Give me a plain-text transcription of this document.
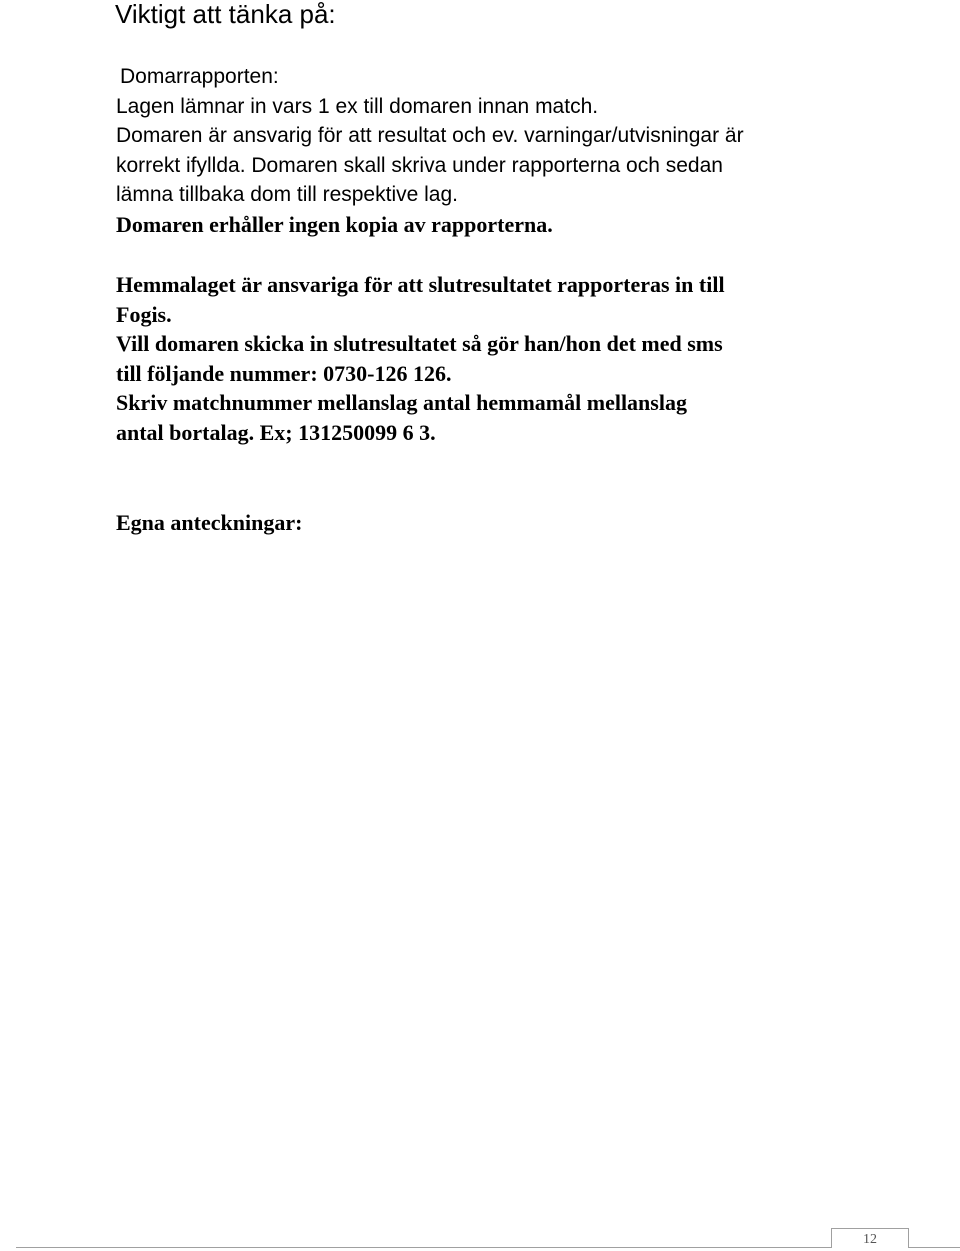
Viktigt att tänka på:
Domarrapporten:
Lagen lämnar in vars 1 ex till domaren innan match.
Domaren är ansvarig för att resultat och ev. varningar/utvisningar är
korrekt ifyllda. Domaren skall skriva under rapporterna och sedan
lämna tillbaka dom till respektive lag.
Domaren erhåller ingen kopia av rapporterna.
Hemmalaget är ansvariga för att slutresultatet rapporteras in till
Fogis.
Vill domaren skicka in slutresultatet så gör han/hon det med sms
till följande nummer: 0730-126 126.
Skriv matchnummer mellanslag antal hemmamål mellanslag
antal bortalag. Ex; 131250099 6 3.
Egna anteckningar:
12
